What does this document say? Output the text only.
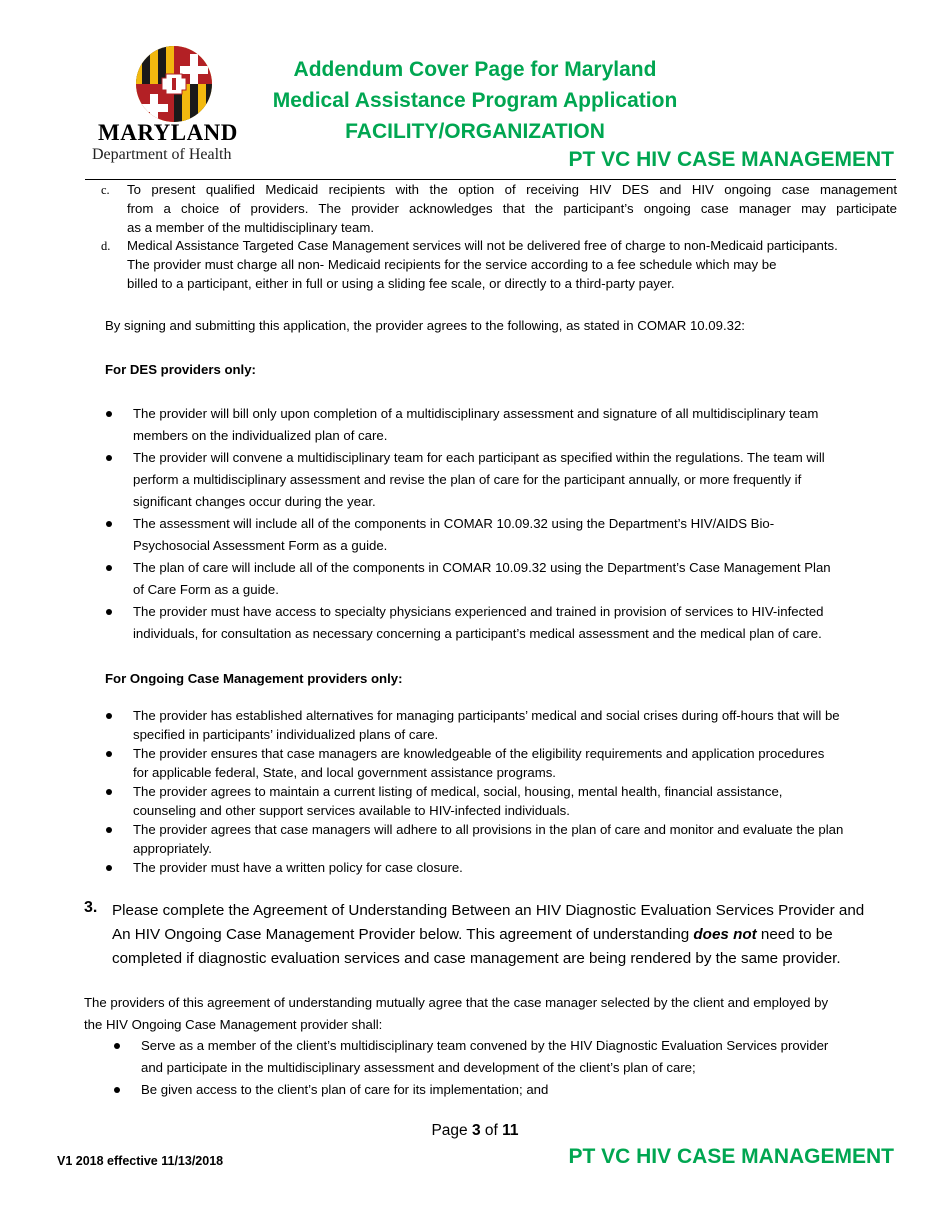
MARYLAND
Department of Health
Addendum Cover Page for Maryland
Medical Assistance Program Application
FACILITY/ORGANIZATION
PT VC HIV CASE MANAGEMENT
c. To present qualified Medicaid recipients with the option of receiving HIV DES and HIV ongoing case management
from a choice of providers. The provider acknowledges that the participant’s ongoing case manager may participate
as a member of the multidisciplinary team.
d. Medical Assistance Targeted Case Management services will not be delivered free of charge to non-Medicaid participants.
The provider must charge all non- Medicaid recipients for the service according to a fee schedule which may be
billed to a participant, either in full or using a sliding fee scale, or directly to a third-party payer.
By signing and submitting this application, the provider agrees to the following, as stated in COMAR 10.09.32:
For DES providers only:
The provider will bill only upon completion of a multidisciplinary assessment and signature of all multidisciplinary team
members on the individualized plan of care.
The provider will convene a multidisciplinary team for each participant as specified within the regulations. The team will
perform a multidisciplinary assessment and revise the plan of care for the participant annually, or more frequently if
significant changes occur during the year.
The assessment will include all of the components in COMAR 10.09.32 using the Department’s HIV/AIDS Bio-
Psychosocial Assessment Form as a guide.
The plan of care will include all of the components in COMAR 10.09.32 using the Department’s Case Management Plan
of Care Form as a guide.
The provider must have access to specialty physicians experienced and trained in provision of services to HIV-infected
individuals, for consultation as necessary concerning a participant’s medical assessment and the medical plan of care.
For Ongoing Case Management providers only:
The provider has established alternatives for managing participants’ medical and social crises during off-hours that will be
specified in participants’ individualized plans of care.
The provider ensures that case managers are knowledgeable of the eligibility requirements and application procedures
for applicable federal, State, and local government assistance programs.
The provider agrees to maintain a current listing of medical, social, housing, mental health, financial assistance,
counseling and other support services available to HIV-infected individuals.
The provider agrees that case managers will adhere to all provisions in the plan of care and monitor and evaluate the plan
appropriately.
The provider must have a written policy for case closure.
3. Please complete the Agreement of Understanding Between an HIV Diagnostic Evaluation Services Provider and
An HIV Ongoing Case Management Provider below. This agreement of understanding does not need to be
completed if diagnostic evaluation services and case management are being rendered by the same provider.
The providers of this agreement of understanding mutually agree that the case manager selected by the client and employed by
the HIV Ongoing Case Management provider shall:
Serve as a member of the client’s multidisciplinary team convened by the HIV Diagnostic Evaluation Services provider
and participate in the multidisciplinary assessment and development of the client’s plan of care;
Be given access to the client’s plan of care for its implementation; and
Page 3 of 11
V1 2018 effective 11/13/2018	PT VC HIV CASE MANAGEMENT
